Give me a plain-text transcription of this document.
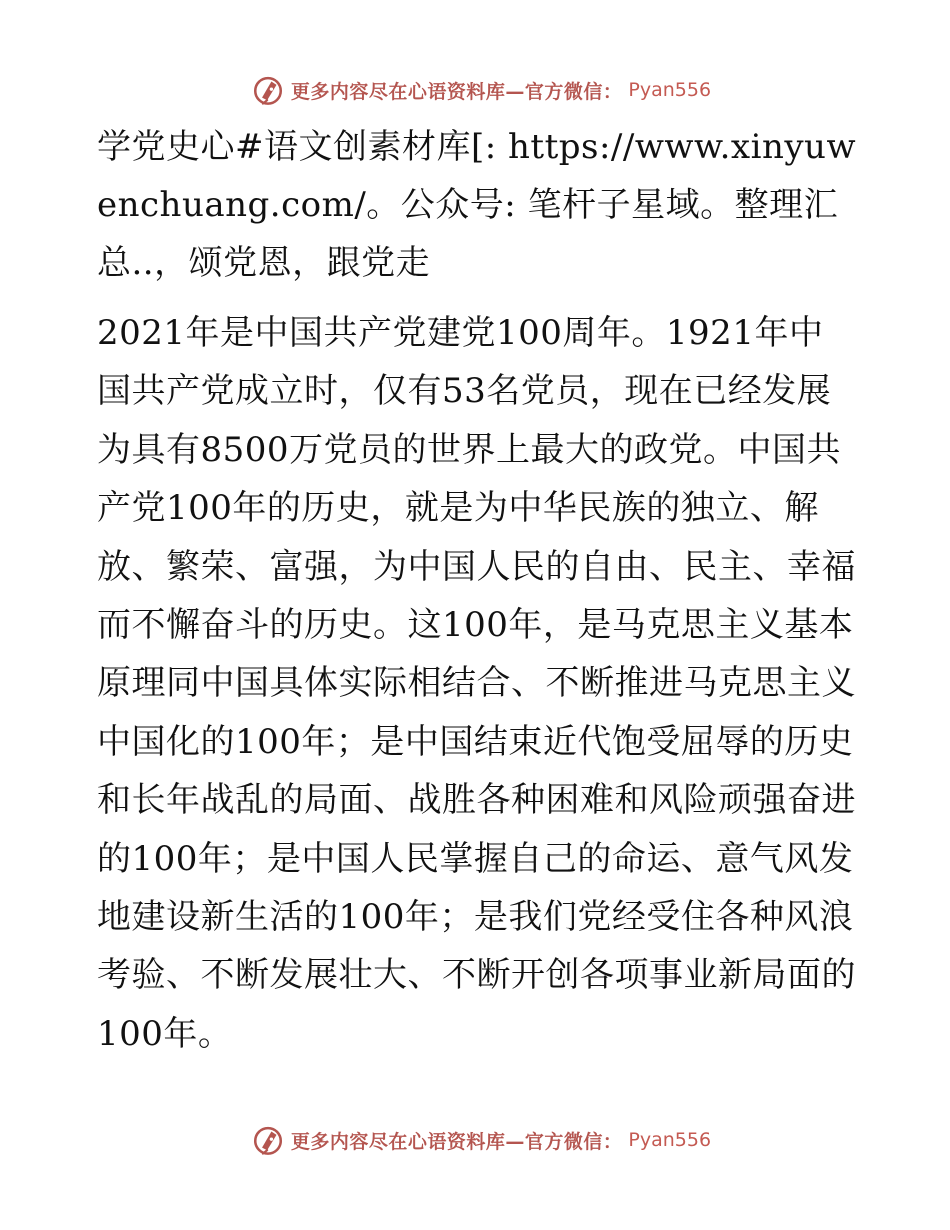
更多内容尽在心语资料库—官方微信： Pyan556

学党史心#语文创素材库[: https://www.xinyuwenchuang.com/。公众号: 笔杆子星域。整理汇总..，颂党恩，跟党走

2021年是中国共产党建党100周年。1921年中国共产党成立时，仅有53名党员，现在已经发展为具有8500万党员的世界上最大的政党。中国共产党100年的历史，就是为中华民族的独立、解放、繁荣、富强，为中国人民的自由、民主、幸福而不懈奋斗的历史。这100年，是马克思主义基本原理同中国具体实际相结合、不断推进马克思主义中国化的100年；是中国结束近代饱受屈辱的历史和长年战乱的局面、战胜各种困难和风险顽强奋进的100年；是中国人民掌握自己的命运、意气风发地建设新生活的100年；是我们党经受住各种风浪考验、不断发展壮大、不断开创各项事业新局面的100年。

更多内容尽在心语资料库—官方微信： Pyan556
